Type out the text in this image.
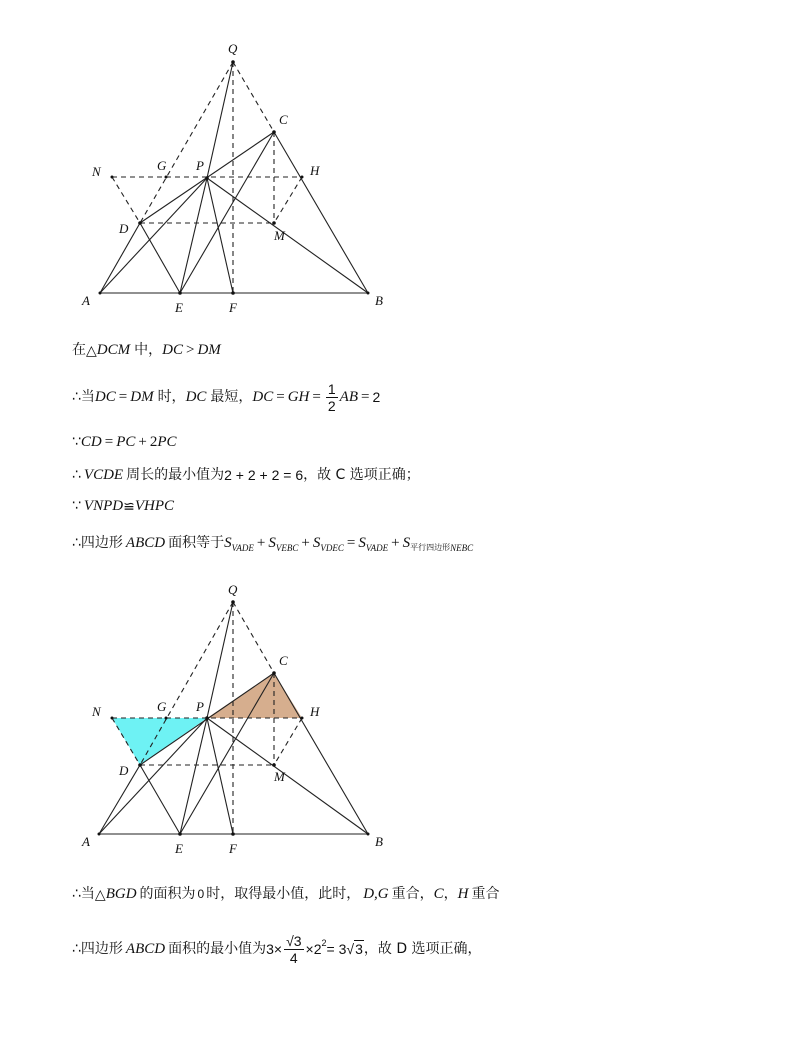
Q
C
N	G P	H
D	M
A	E	F	B
在 △ DCM 中， DC > DM
∴当 DC = DM 时， DC 最短， DC = GH = $\frac{1}{2}$ AB = 2
∵ CD = PC + 2 PC
∴ VCDE 周长的最小值为 2 + 2 + 2 = 6 ，故 C 选项正确；
∵ VNPD ≌ VHPC
∴四边形 ABCD 面积等于 S VADE + S VEBC + S VDEC = S VADE + S 平行四边形 NEBC
Q
C
N	G P	H
D	M
A	E	F	B
∴当 △ BGD 的面积为 0 时，取得最小值，此时， D,G 重合， C ， H 重合
∴四边形 ABCD 面积的最小值为 $3\times \frac{√3}{4} \times 2$ 2 = 3 √3 ，故 D 选项正确，
